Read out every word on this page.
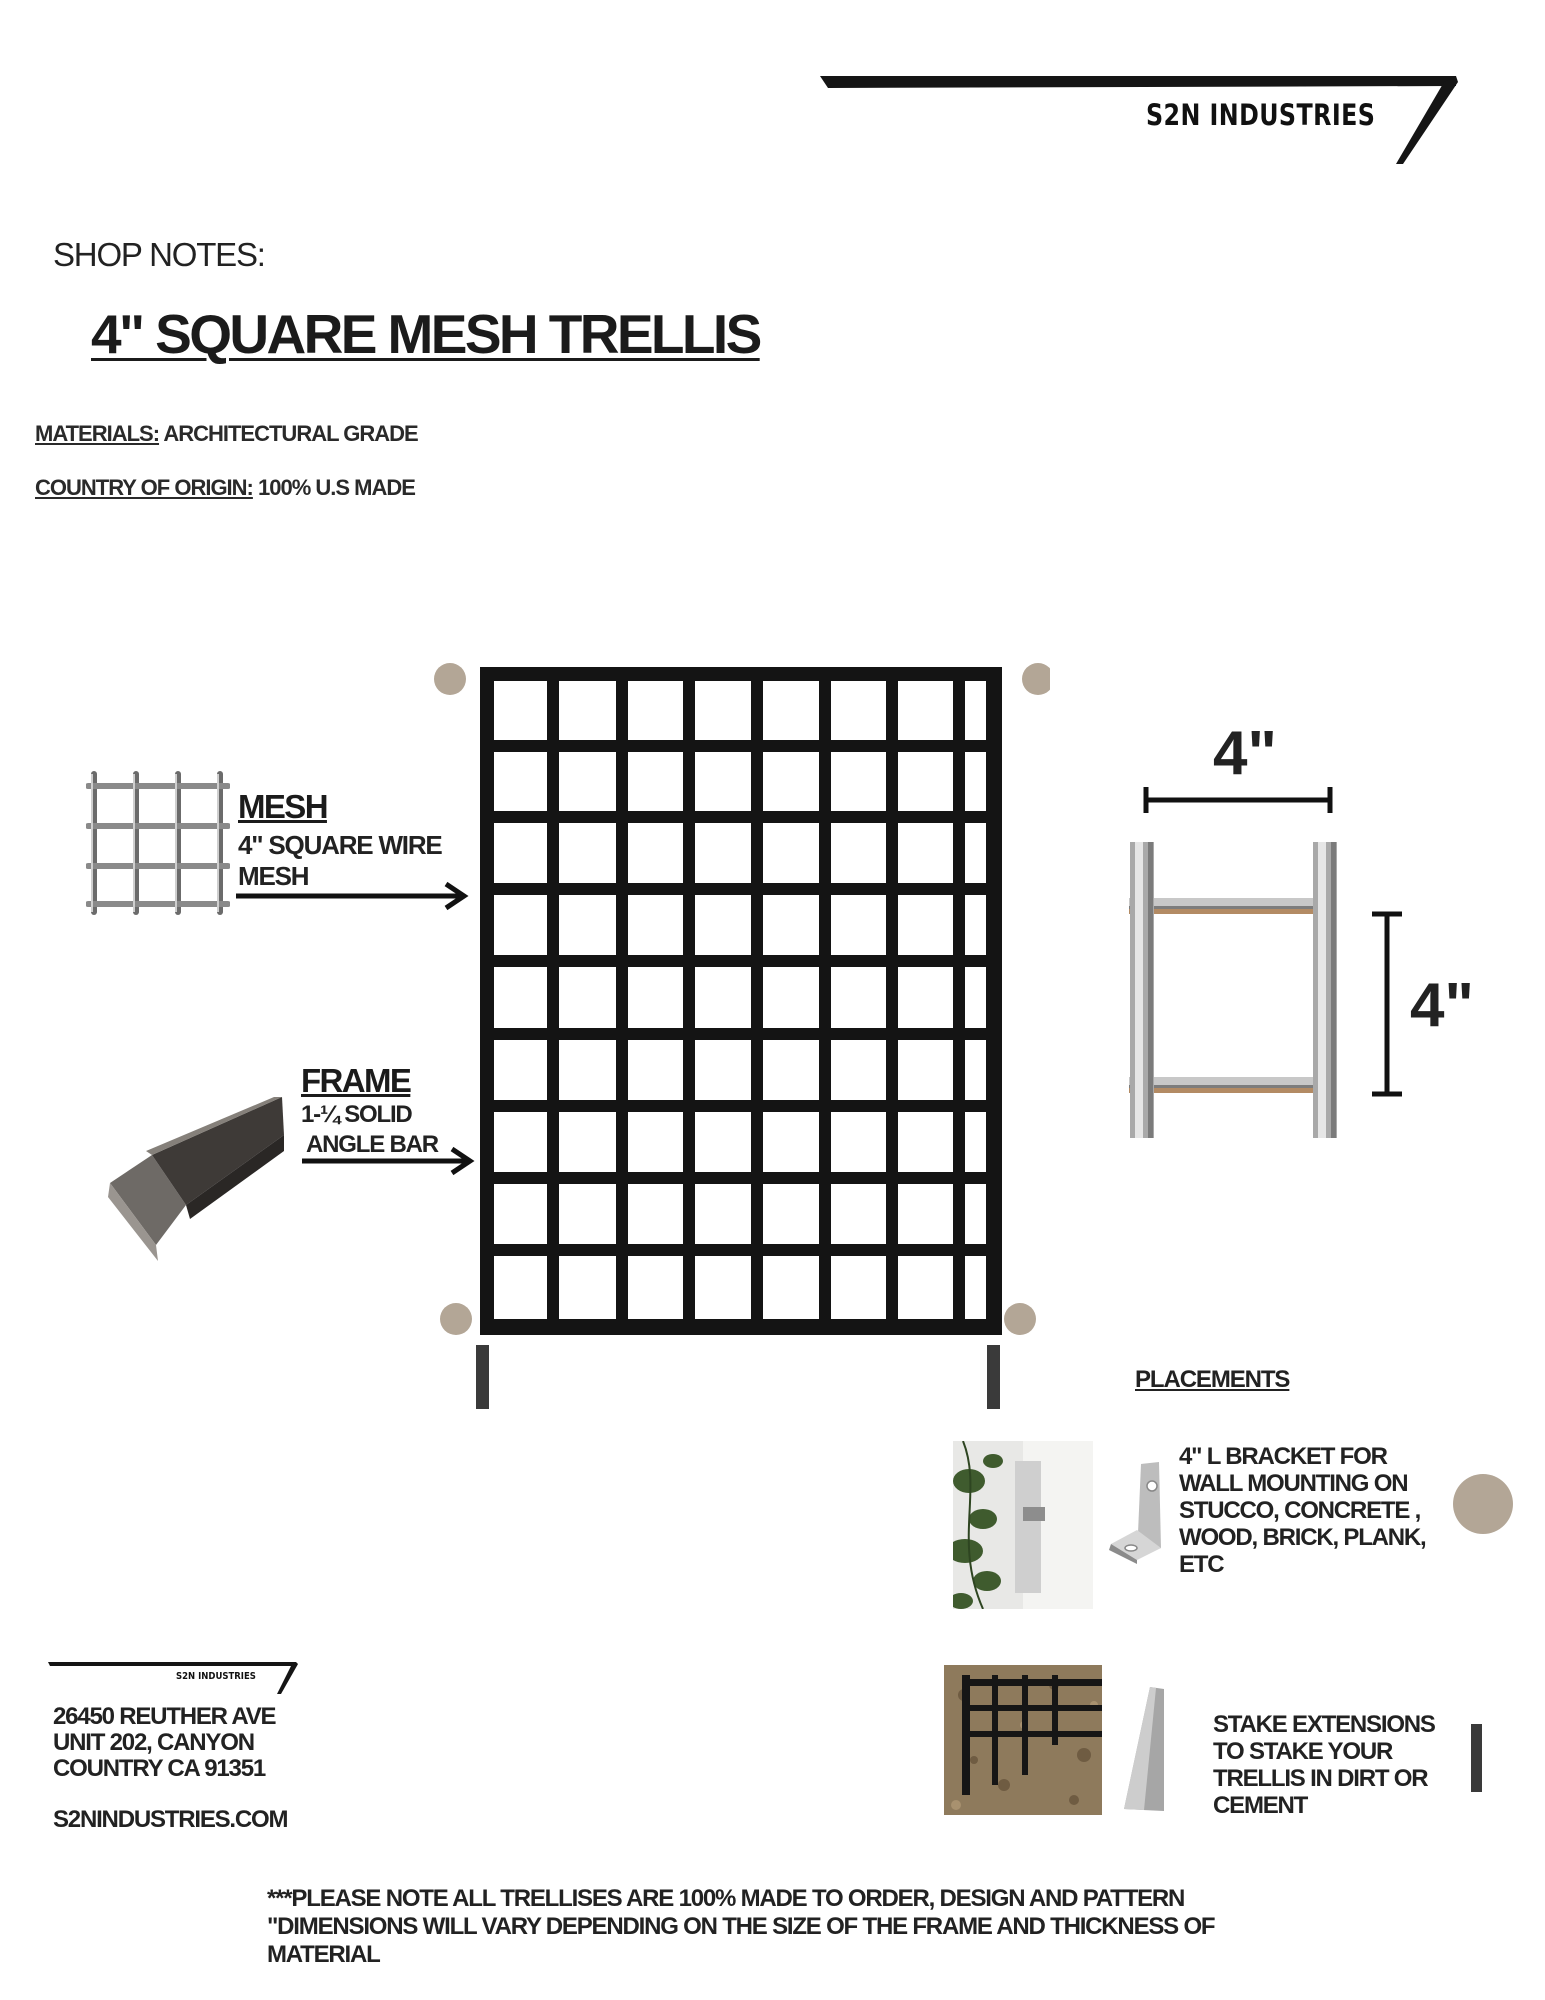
S2N INDUSTRIES
SHOP NOTES:
4" SQUARE MESH TRELLIS
MATERIALS: ARCHITECTURAL GRADE
COUNTRY OF ORIGIN: 100% U.S MADE
MESH
4" SQUARE WIRE
MESH
FRAME
1-¼ SOLID
ANGLE BAR
4"
4"
PLACEMENTS
4" L BRACKET FOR
WALL MOUNTING ON
STUCCO, CONCRETE ,
WOOD, BRICK, PLANK,
ETC
STAKE EXTENSIONS
TO STAKE YOUR
TRELLIS IN DIRT OR
CEMENT
S2N INDUSTRIES
26450 REUTHER AVE
UNIT 202, CANYON
COUNTRY CA 91351
S2NINDUSTRIES.COM
***PLEASE NOTE ALL TRELLISES ARE 100% MADE TO ORDER, DESIGN AND PATTERN
"DIMENSIONS WILL VARY DEPENDING ON THE SIZE OF THE FRAME AND THICKNESS OF
MATERIAL
